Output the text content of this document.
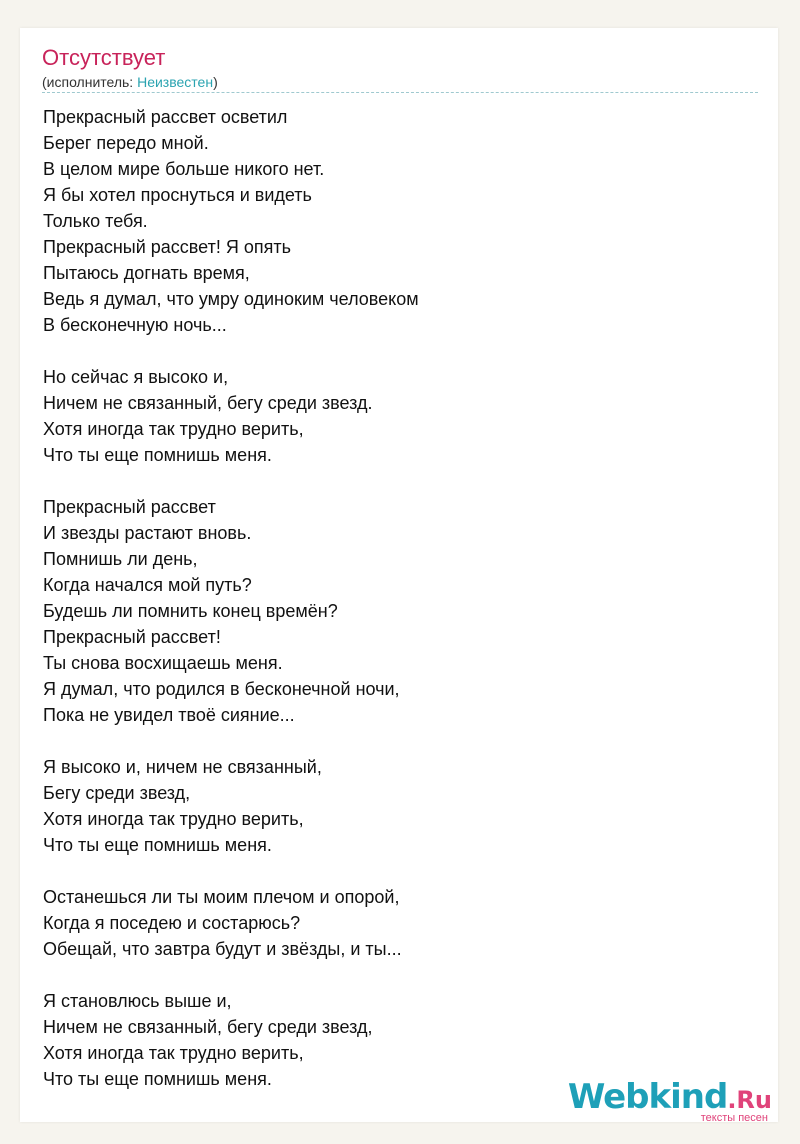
Отсутствует
(исполнитель: Неизвестен)
Прекрасный рассвет осветил
Берег передо мной.
В целом мире больше никого нет.
Я бы хотел проснуться и видеть
Только тебя.
Прекрасный рассвет! Я опять
Пытаюсь догнать время,
Ведь я думал, что умру одиноким человеком
В бесконечную ночь...
Но сейчас я высоко и,
Ничем не связанный, бегу среди звезд.
Хотя иногда так трудно верить,
Что ты еще помнишь меня.
Прекрасный рассвет
И звезды растают вновь.
Помнишь ли день,
Когда начался мой путь?
Будешь ли помнить конец времён?
Прекрасный рассвет!
Ты снова восхищаешь меня.
Я думал, что родился в бесконечной ночи,
Пока не увидел твоё сияние...
Я высоко и, ничем не связанный,
Бегу среди звезд,
Хотя иногда так трудно верить,
Что ты еще помнишь меня.
Останешься ли ты моим плечом и опорой,
Когда я поседею и состарюсь?
Обещай, что завтра будут и звёзды, и ты...
Я становлюсь выше и,
Ничем не связанный, бегу среди звезд,
Хотя иногда так трудно верить,
Что ты еще помнишь меня.	Webkind.Ru
тексты песен
